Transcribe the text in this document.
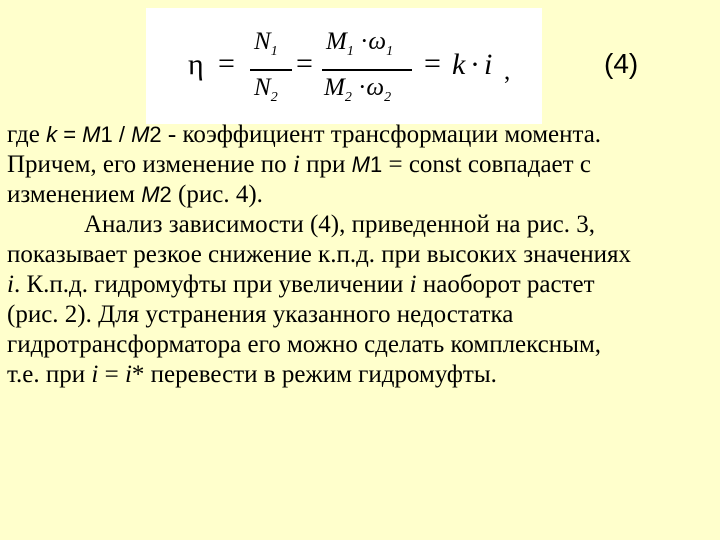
η =
$N_1$
$N_2$
=
$M_1 \cdot\omega_1$
$M_2 \cdot\omega_2$
= k · i ,	(4)
где k = M1 / M2 - коэффициент трансформации момента.
Причем, его изменение по i при M1 = const совпадает с
изменением M2 (рис. 4).
Анализ зависимости (4), приведенной на рис. 3,
показывает резкое снижение к.п.д. при высоких значениях
i. К.п.д. гидромуфты при увеличении i наоборот растет
(рис. 2). Для устранения указанного недостатка
гидротрансформатора его можно сделать комплексным,
т.е. при i = i* перевести в режим гидромуфты.
